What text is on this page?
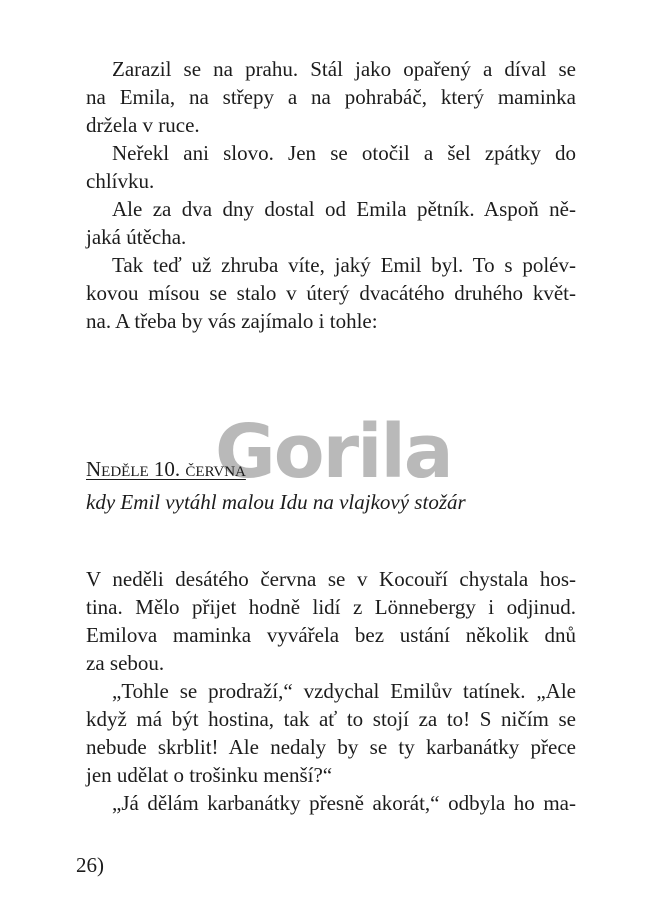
Zarazil se na prahu. Stál jako opařený a díval se
na Emila, na střepy a na pohrabáč, který maminka
držela v ruce.
Neřekl ani slovo. Jen se otočil a šel zpátky do
chlívku.
Ale za dva dny dostal od Emila pětník. Aspoň ně-
jaká útěcha.
Tak teď už zhruba víte, jaký Emil byl. To s polév-
kovou mísou se stalo v úterý dvacátého druhého květ-
na. A třeba by vás zajímalo i tohle:
Gorila
Neděle 10. června
kdy Emil vytáhl malou Idu na vlajkový stožár
V neděli desátého června se v Kocouří chystala hos-
tina. Mělo přijet hodně lidí z Lönnebergy i odjinud.
Emilova maminka vyvářela bez ustání několik dnů
za sebou.
„Tohle se prodraží,“ vzdychal Emilův tatínek. „Ale
když má být hostina, tak ať to stojí za to! S ničím se
nebude skrblit! Ale nedaly by se ty karbanátky přece
jen udělat o trošinku menší?“
„Já dělám karbanátky přesně akorát,“ odbyla ho ma-
26)
